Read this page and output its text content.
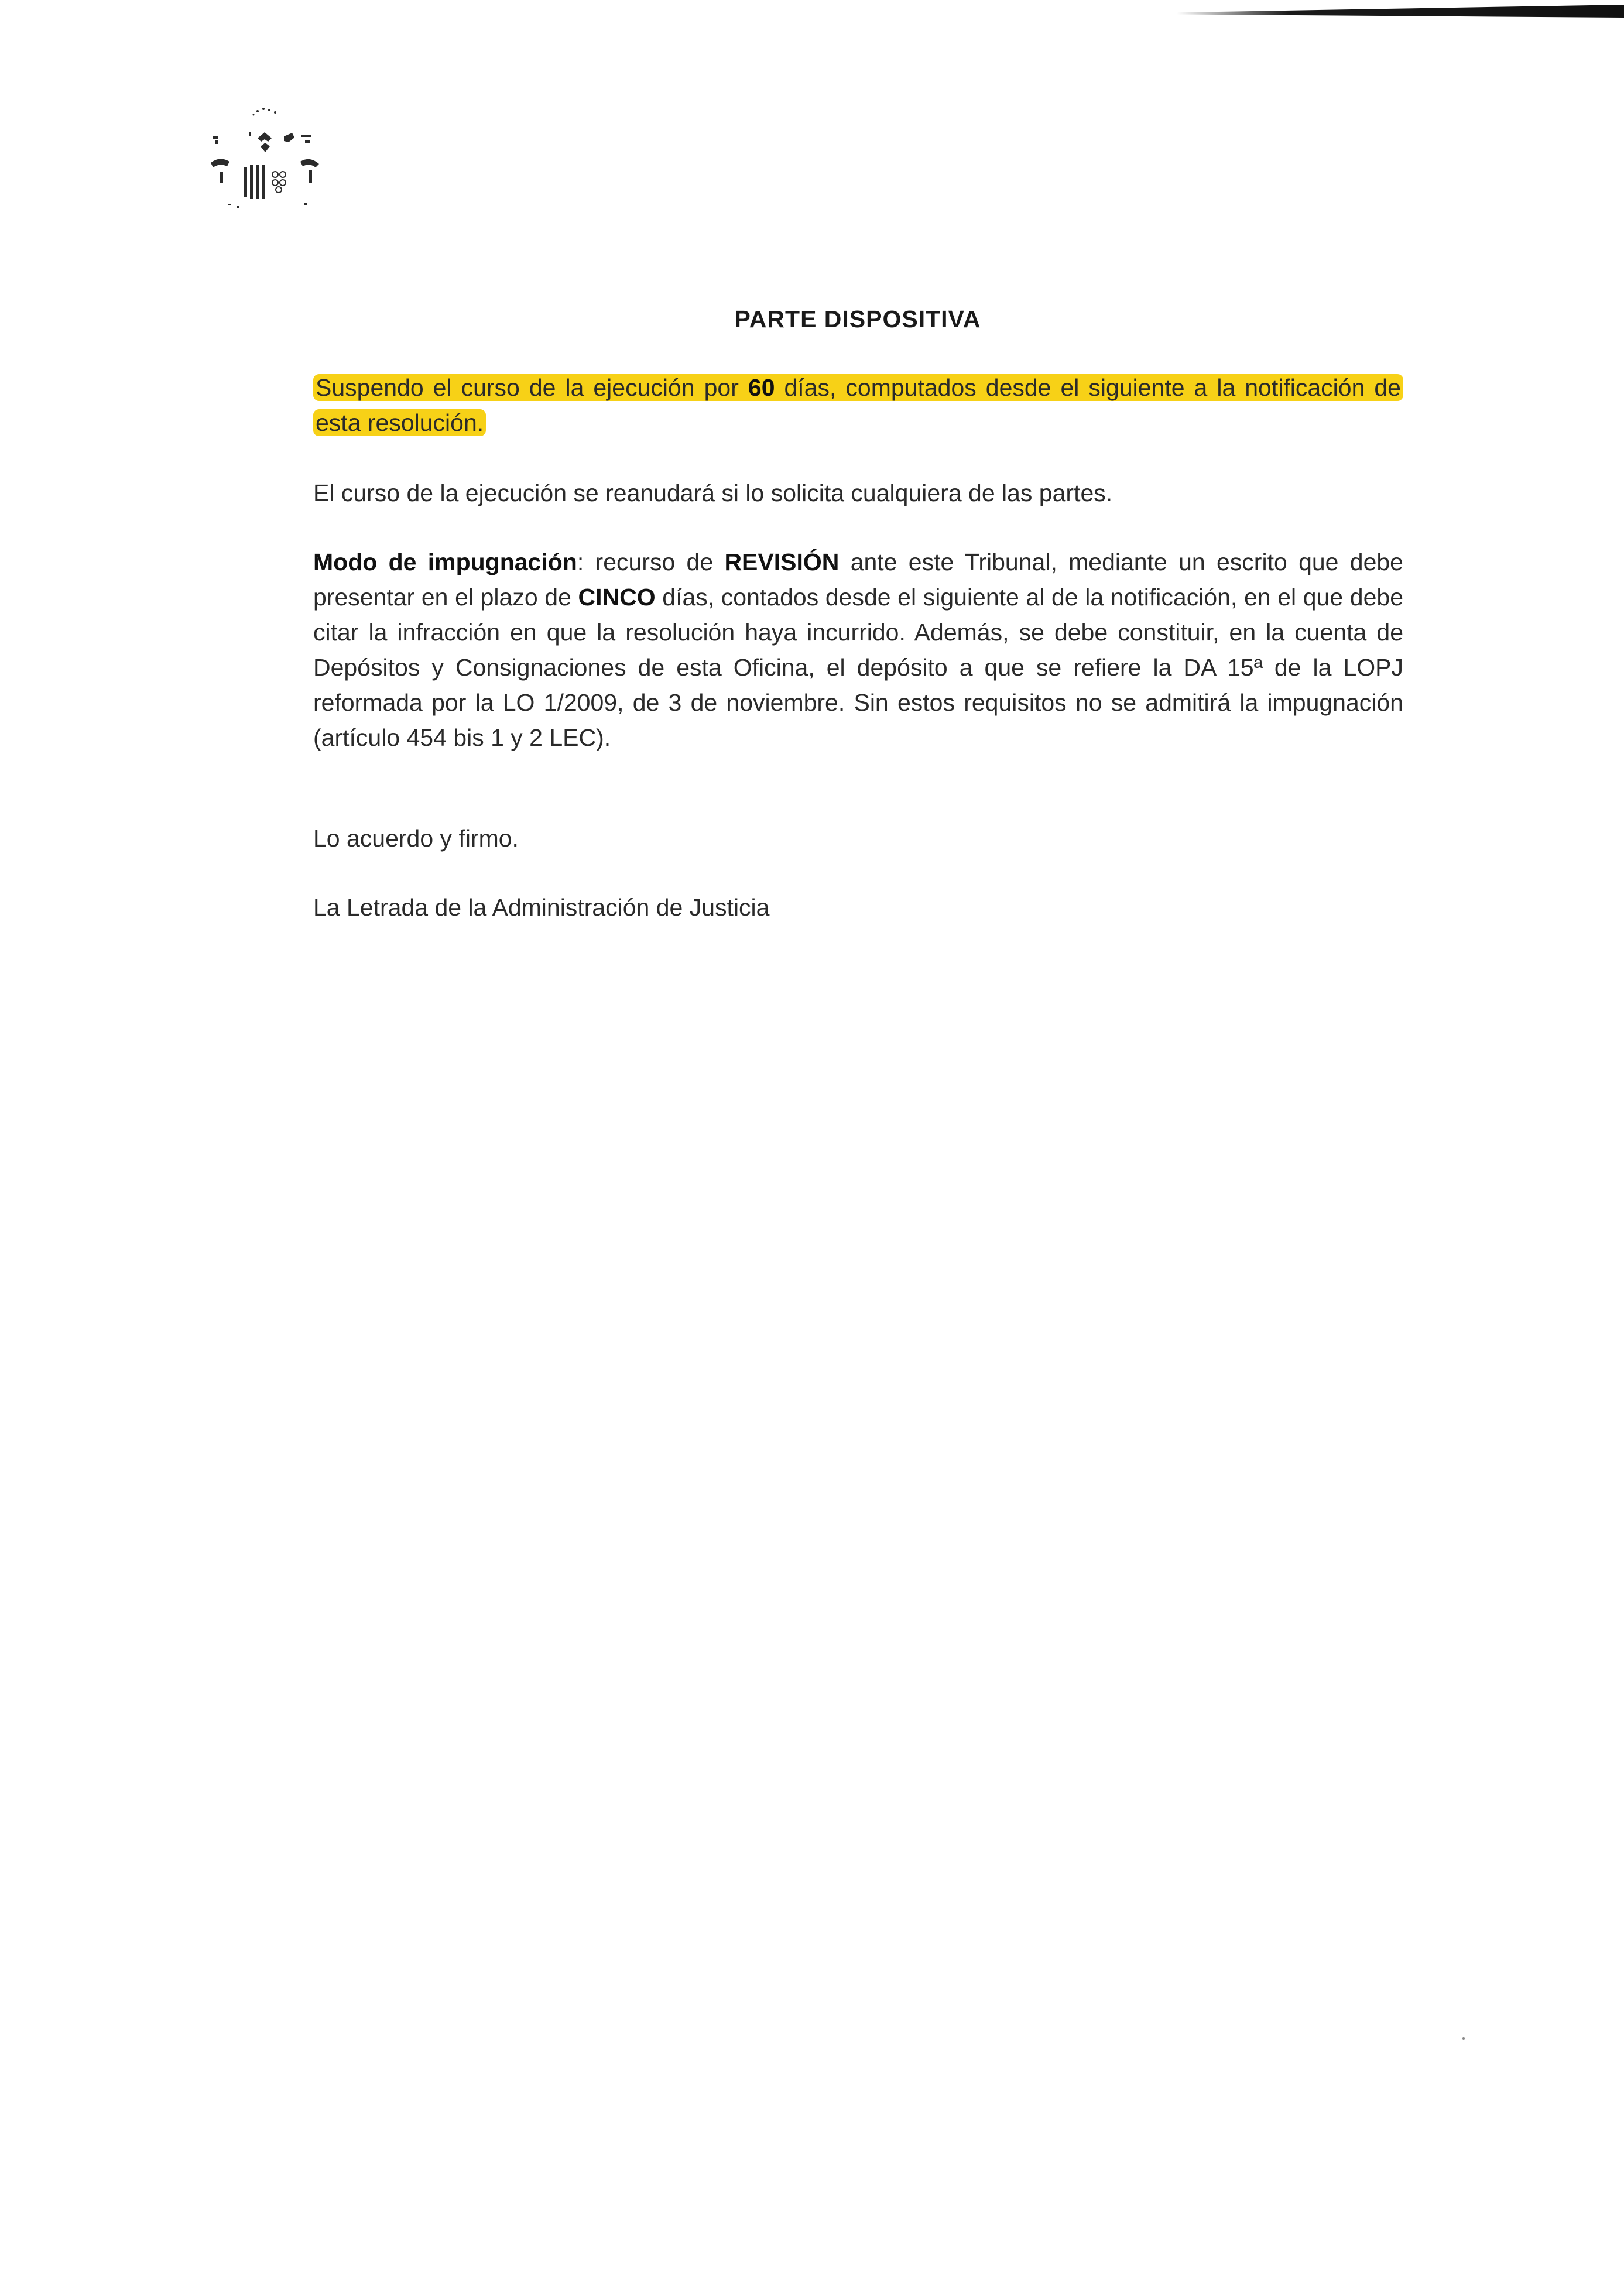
PARTE DISPOSITIVA
Suspendo el curso de la ejecución por 60 días, computados desde el siguiente a la notificación de esta resolución.
El curso de la ejecución se reanudará si lo solicita cualquiera de las partes.
Modo de impugnación: recurso de REVISIÓN ante este Tribunal, mediante un escrito que debe presentar en el plazo de CINCO días, contados desde el siguiente al de la notificación, en el que debe citar la infracción en que la resolución haya incurrido. Además, se debe constituir, en la cuenta de Depósitos y Consignaciones de esta Oficina, el depósito a que se refiere la DA 15ª de la LOPJ reformada por la LO 1/2009, de 3 de noviembre. Sin estos requisitos no se admitirá la impugnación (artículo 454 bis 1 y 2 LEC).
Lo acuerdo y firmo.
La Letrada de la Administración de Justicia
